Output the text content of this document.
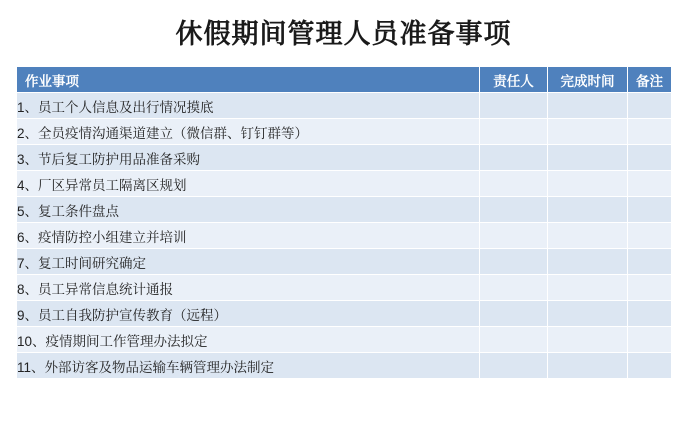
休假期间管理人员准备事项
作业事项	责任人	完成时间	备注
1、员工个人信息及出行情况摸底			
2、全员疫情沟通渠道建立（微信群、钉钉群等）			
3、节后复工防护用品准备采购			
4、厂区异常员工隔离区规划			
5、复工条件盘点			
6、疫情防控小组建立并培训			
7、复工时间研究确定			
8、员工异常信息统计通报			
9、员工自我防护宣传教育（远程）			
10、疫情期间工作管理办法拟定			
11、外部访客及物品运输车辆管理办法制定			
